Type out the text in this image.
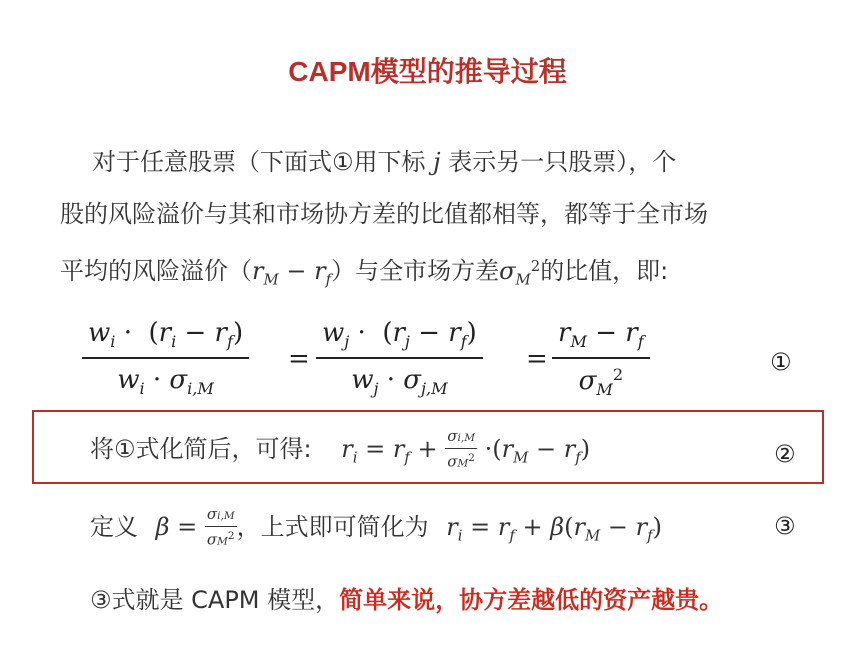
CAPM模型的推导过程
对于任意股票（下面式①用下标 j 表示另一只股票），个
股的风险溢价与其和市场协方差的比值都相等，都等于全市场
平均的风险溢价$(r_M - r_f)$与全市场方差$\sigma_M^2$的比值，即:
$\frac{w_i \cdot (r_i - r_f)}{w_i \cdot \sigma_{i,M}} = \frac{w_j \cdot (r_j - r_f)}{w_j \cdot \sigma_{j,M}} = \frac{r_M - r_f}{\sigma_M^2}$	①
将①式化简后，可得: $r_i = r_f + \frac{\sigma i,M}{\sigma M^2} \cdot(r_M - r_f)$	②
定义 $\beta = \frac{\sigma i,M}{\sigma M^2}$ ，上式即可简化为 $r_i = r_f + \beta(r_M - r_f)$	③
③式就是 CAPM 模型，简单来说，协方差越低的资产越贵。
